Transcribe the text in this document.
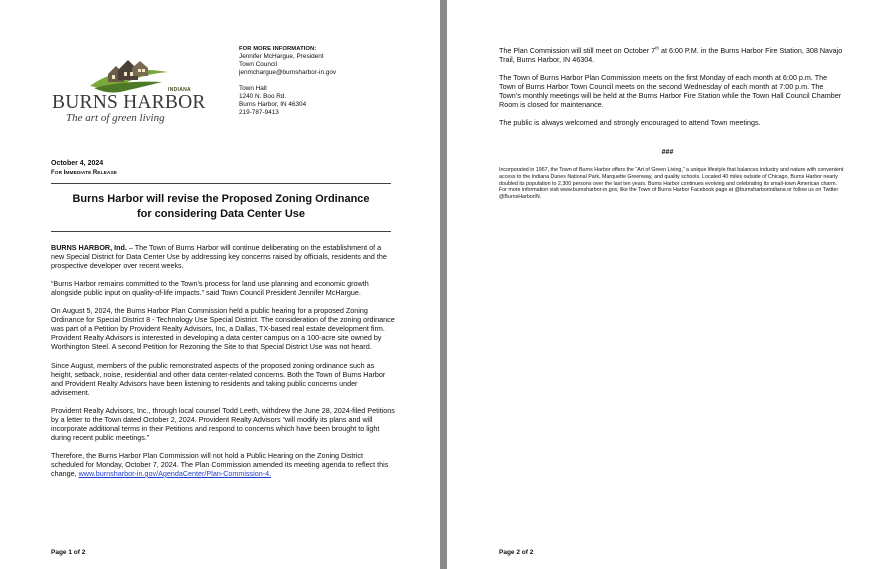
INDIANA
BURNS HARBOR
The art of green living
FOR MORE INFORMATION:
Jennifer McHargue, President
Town Council
jenmchargue@burnsharbor-in.gov
Town Hall
1240 N. Boo Rd.
Burns Harbor, IN 46304
219-787-9413
October 4, 2024
FOR IMMEDIATE RELEASE
Burns Harbor will revise the Proposed Zoning Ordinance
for considering Data Center Use

BURNS HARBOR, Ind. – The Town of Burns Harbor will continue deliberating on the establishment of a new Special District for Data Center Use by addressing key concerns raised by officials, residents and the prospective developer over recent weeks.

“Burns Harbor remains committed to the Town’s process for land use planning and economic growth alongside public input on quality-of-life impacts.” said Town Council President Jennifer McHargue.

On August 5, 2024, the Burns Harbor Plan Commission held a public hearing for a proposed Zoning Ordinance for Special District 8 - Technology Use Special District. The consideration of the zoning ordinance was part of a Petition by Provident Realty Advisors, Inc, a Dallas, TX-based real estate development firm. Provident Realty Advisors is interested in developing a data center campus on a 100-acre site owned by Worthington Steel. A second Petition for Rezoning the Site to that Special District Use was not heard.

Since August, members of the public remonstrated aspects of the proposed zoning ordinance such as height, setback, noise, residential and other data center-related concerns. Both the Town of Burns Harbor and Provident Realty Advisors have been listening to residents and taking public concerns under advisement.

Provident Realty Advisors, Inc., through local counsel Todd Leeth, withdrew the June 28, 2024-filed Petitions by a letter to the Town dated October 2, 2024. Provident Realty Advisors “will modify its plans and will incorporate additional terms in their Petitions and respond to concerns which have been brought to light during recent public meetings.”

Therefore, the Burns Harbor Plan Commission will not hold a Public Hearing on the Zoning District scheduled for Monday, October 7, 2024. The Plan Commission amended its meeting agenda to reflect this change, www.burnsharbor-in.gov/AgendaCenter/Plan-Commission-4.

Page 1 of 2

The Plan Commission will still meet on October 7th at 6:00 P.M. in the Burns Harbor Fire Station, 308 Navajo Trail, Burns Harbor, IN 46304.

The Town of Burns Harbor Plan Commission meets on the first Monday of each month at 6:00 p.m. The Town of Burns Harbor Town Council meets on the second Wednesday of each month at 7:00 p.m. The Town’s monthly meetings will be held at the Burns Harbor Fire Station while the Town Hall Council Chamber Room is closed for maintenance.

The public is always welcomed and strongly encouraged to attend Town meetings.

###
Incorporated in 1967, the Town of Burns Harbor offers the “Art of Green Living,” a unique lifestyle that balances industry and nature with convenient access to the Indiana Dunes National Park, Marquette Greenway, and quality schools. Located 40 miles outside of Chicago, Burns Harbor nearly doubled its population to 2,300 persons over the last ten years. Burns Harbor continues evolving and celebrating its small-town American charm. For more information visit www.burnsharbor-in.gov, like the Town of Burns Harbor Facebook page at @burnsharborindiana or follow us on Twitter @BurnsHarborIN.
Page 2 of 2
